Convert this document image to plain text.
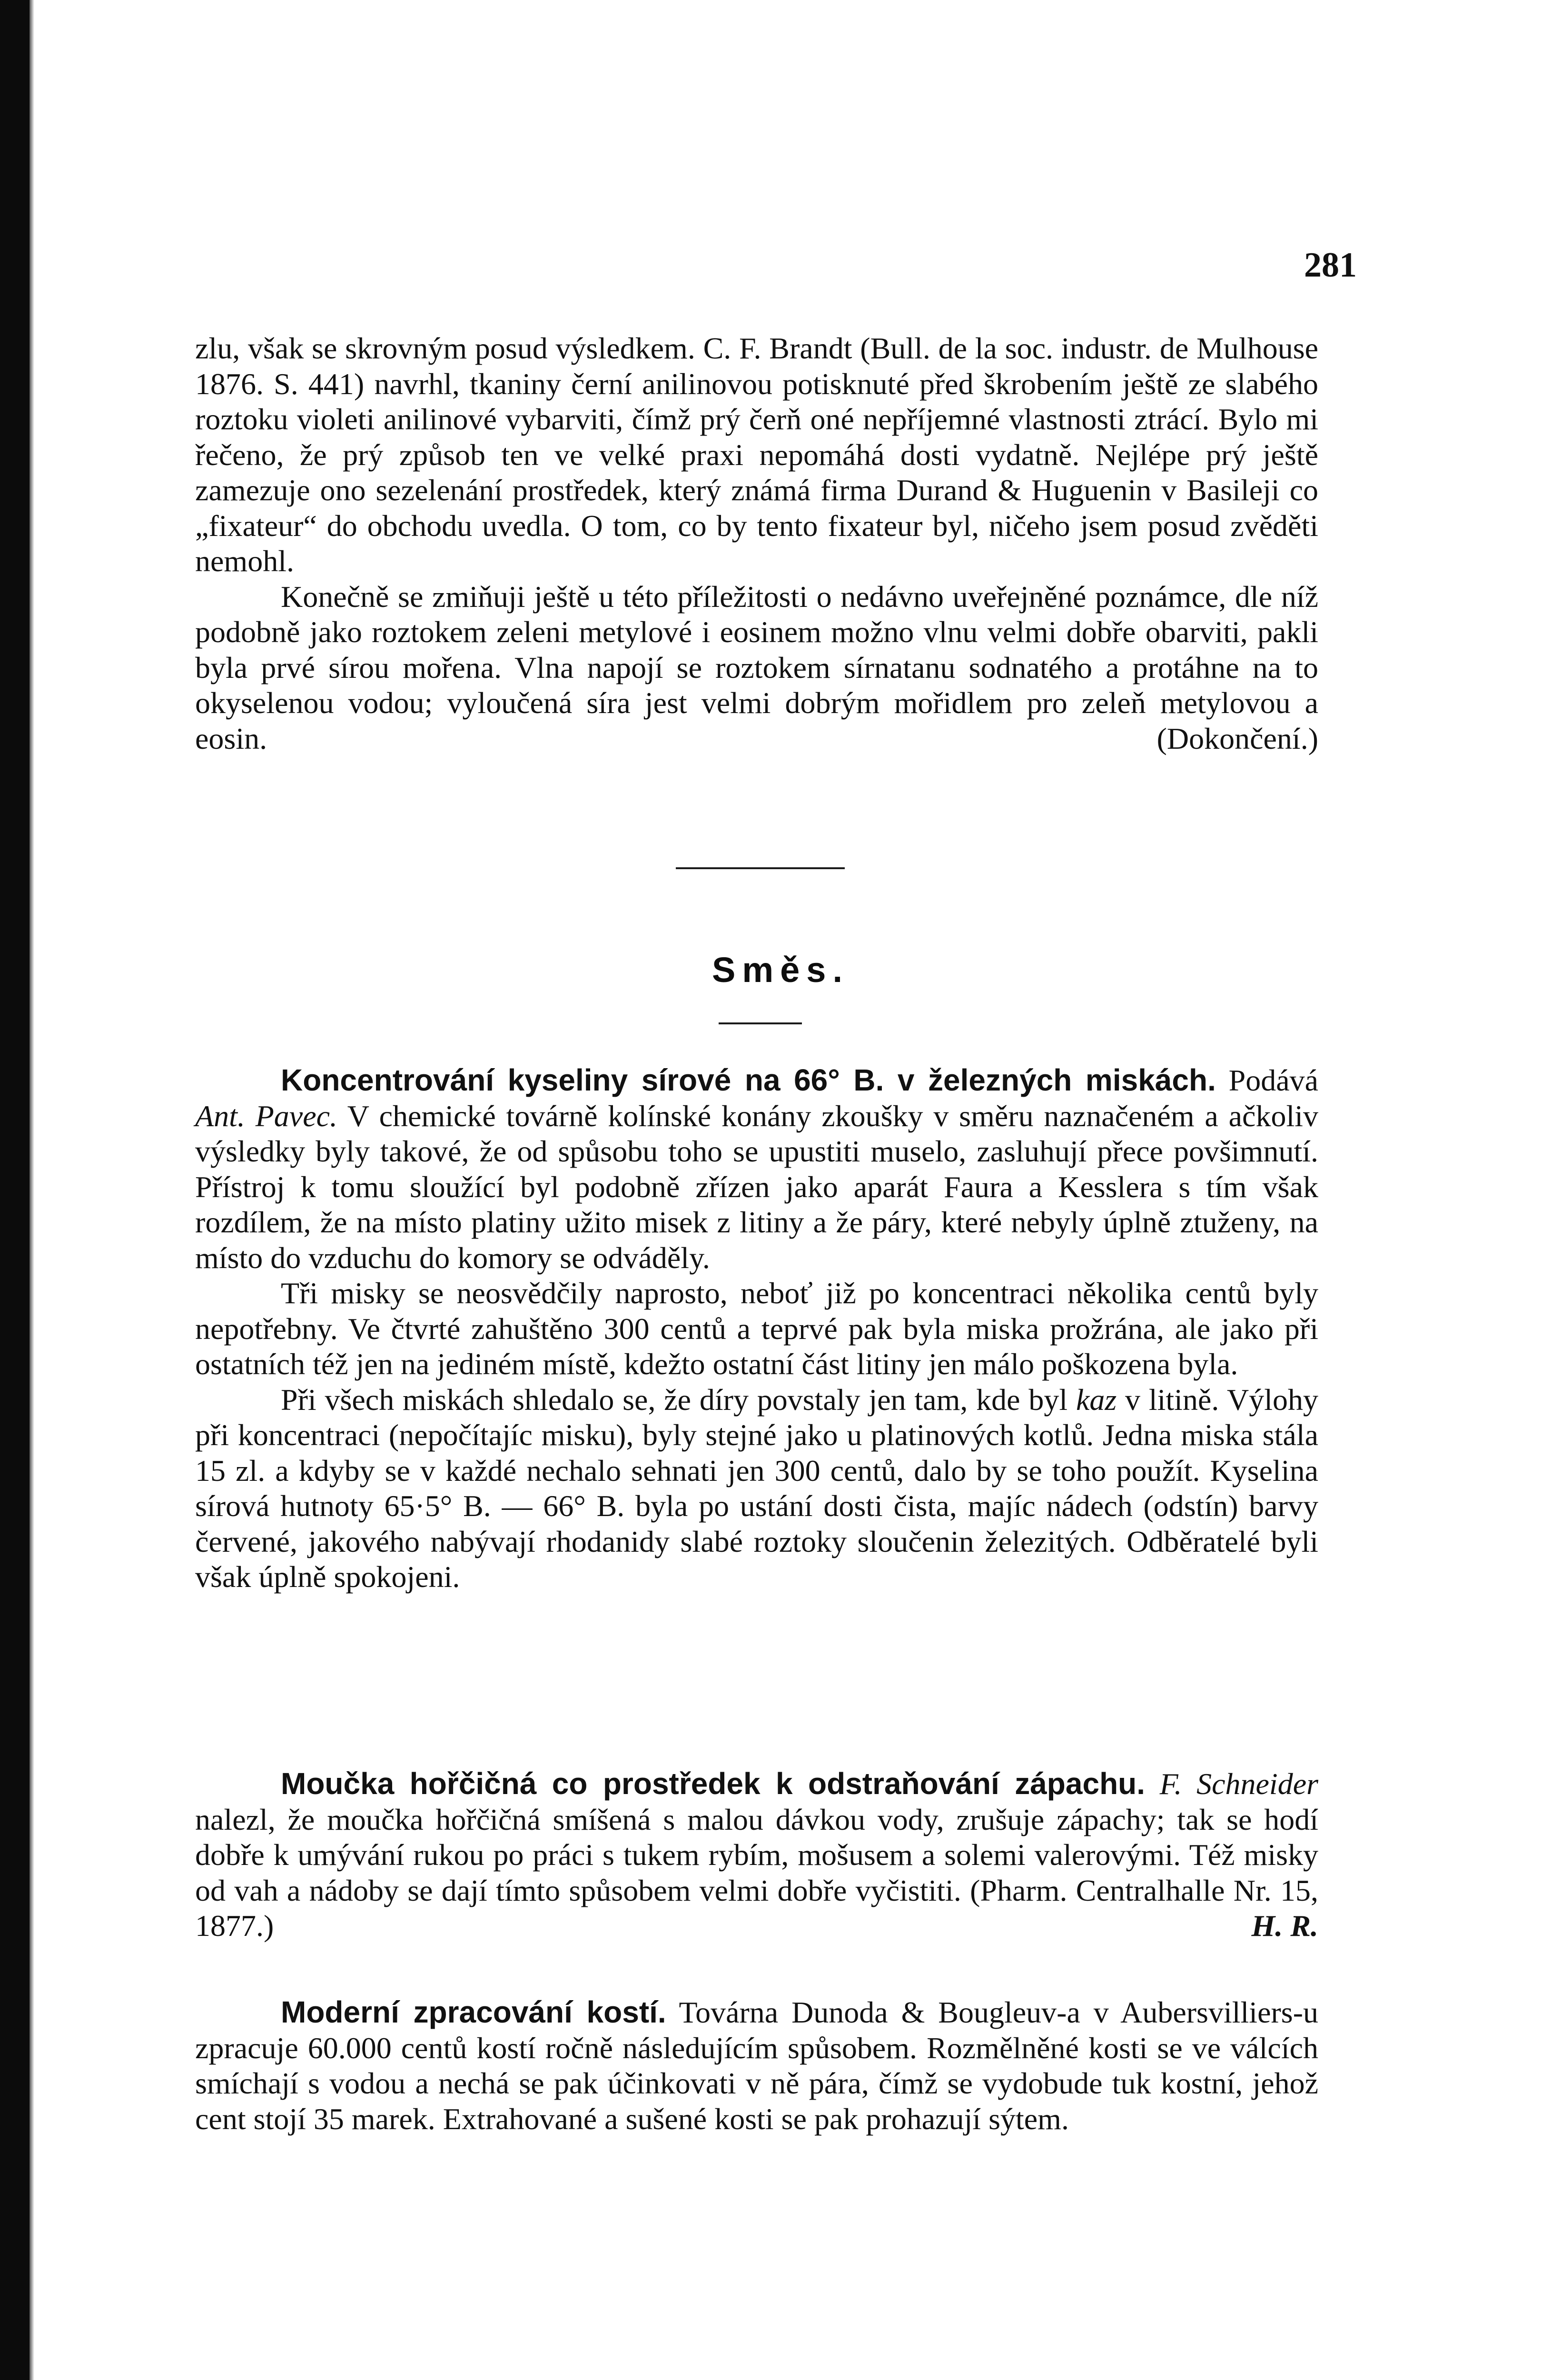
281

zlu, však se skrovným posud výsledkem. C. F. Brandt (Bull. de la soc. industr. de Mulhouse 1876. S. 441) navrhl, tkaniny černí anilinovou potisknuté před škrobením ještě ze slabého roztoku violeti anilinové vybarviti, čímž prý čerň oné nepříjemné vlastnosti ztrácí. Bylo mi řečeno, že prý způsob ten ve velké praxi nepomáhá dosti vydatně. Nejlépe prý ještě zamezuje ono sezelenání prostředek, který známá firma Durand & Huguenin v Basileji co „fixateur“ do obchodu uvedla. O tom, co by tento fixateur byl, ničeho jsem posud zvěděti nemohl.

Konečně se zmiňuji ještě u této příležitosti o nedávno uveřejněné poznámce, dle níž podobně jako roztokem zeleni metylové i eosinem možno vlnu velmi dobře obarviti, pakli byla prvé sírou mořena. Vlna napojí se roztokem sírnatanu sodnatého a protáhne na to okyselenou vodou; vyloučená síra jest velmi dobrým mořidlem pro zeleň metylovou a eosin.	(Dokončení.)

Směs.

Koncentrování kyseliny sírové na 66° B. v železných miskách. Podává Ant. Pavec. V chemické továrně kolínské konány zkoušky v směru naznačeném a ačkoliv výsledky byly takové, že od spůsobu toho se upustiti muselo, zasluhují přece povšimnutí. Přístroj k tomu sloužící byl podobně zřízen jako aparát Faura a Kesslera s tím však rozdílem, že na místo platiny užito misek z litiny a že páry, které nebyly úplně ztuženy, na místo do vzduchu do komory se odváděly.

Tři misky se neosvědčily naprosto, neboť již po koncentraci několika centů byly nepotřebny. Ve čtvrté zahuštěno 300 centů a teprvé pak byla miska prožrána, ale jako při ostatních též jen na jediném místě, kdežto ostatní část litiny jen málo poškozena byla.

Při všech miskách shledalo se, že díry povstaly jen tam, kde byl kaz v litině. Výlohy při koncentraci (nepočítajíc misku), byly stejné jako u platinových kotlů. Jedna miska stála 15 zl. a kdyby se v každé nechalo sehnati jen 300 centů, dalo by se toho použít. Kyselina sírová hutnoty 65·5° B. — 66° B. byla po ustání dosti čista, majíc nádech (odstín) barvy červené, jakového nabývají rhodanidy slabé roztoky sloučenin železitých. Odběratelé byli však úplně spokojeni.

Moučka hořčičná co prostředek k odstraňování zápachu. F. Schneider nalezl, že moučka hořčičná smíšená s malou dávkou vody, zrušuje zápachy; tak se hodí dobře k umývání rukou po práci s tukem rybím, mošusem a solemi valerovými. Též misky od vah a nádoby se dají tímto spůsobem velmi dobře vyčistiti. (Pharm. Centralhalle Nr. 15, 1877.)	H. R.

Moderní zpracování kostí. Továrna Dunoda & Bougleuv-a v Aubersvilliers-u zpracuje 60.000 centů kostí ročně následujícím spůsobem. Rozmělněné kosti se ve válcích smíchají s vodou a nechá se pak účinkovati v ně pára, čímž se vydobude tuk kostní, jehož cent stojí 35 marek. Extrahované a sušené kosti se pak prohazují sýtem.
